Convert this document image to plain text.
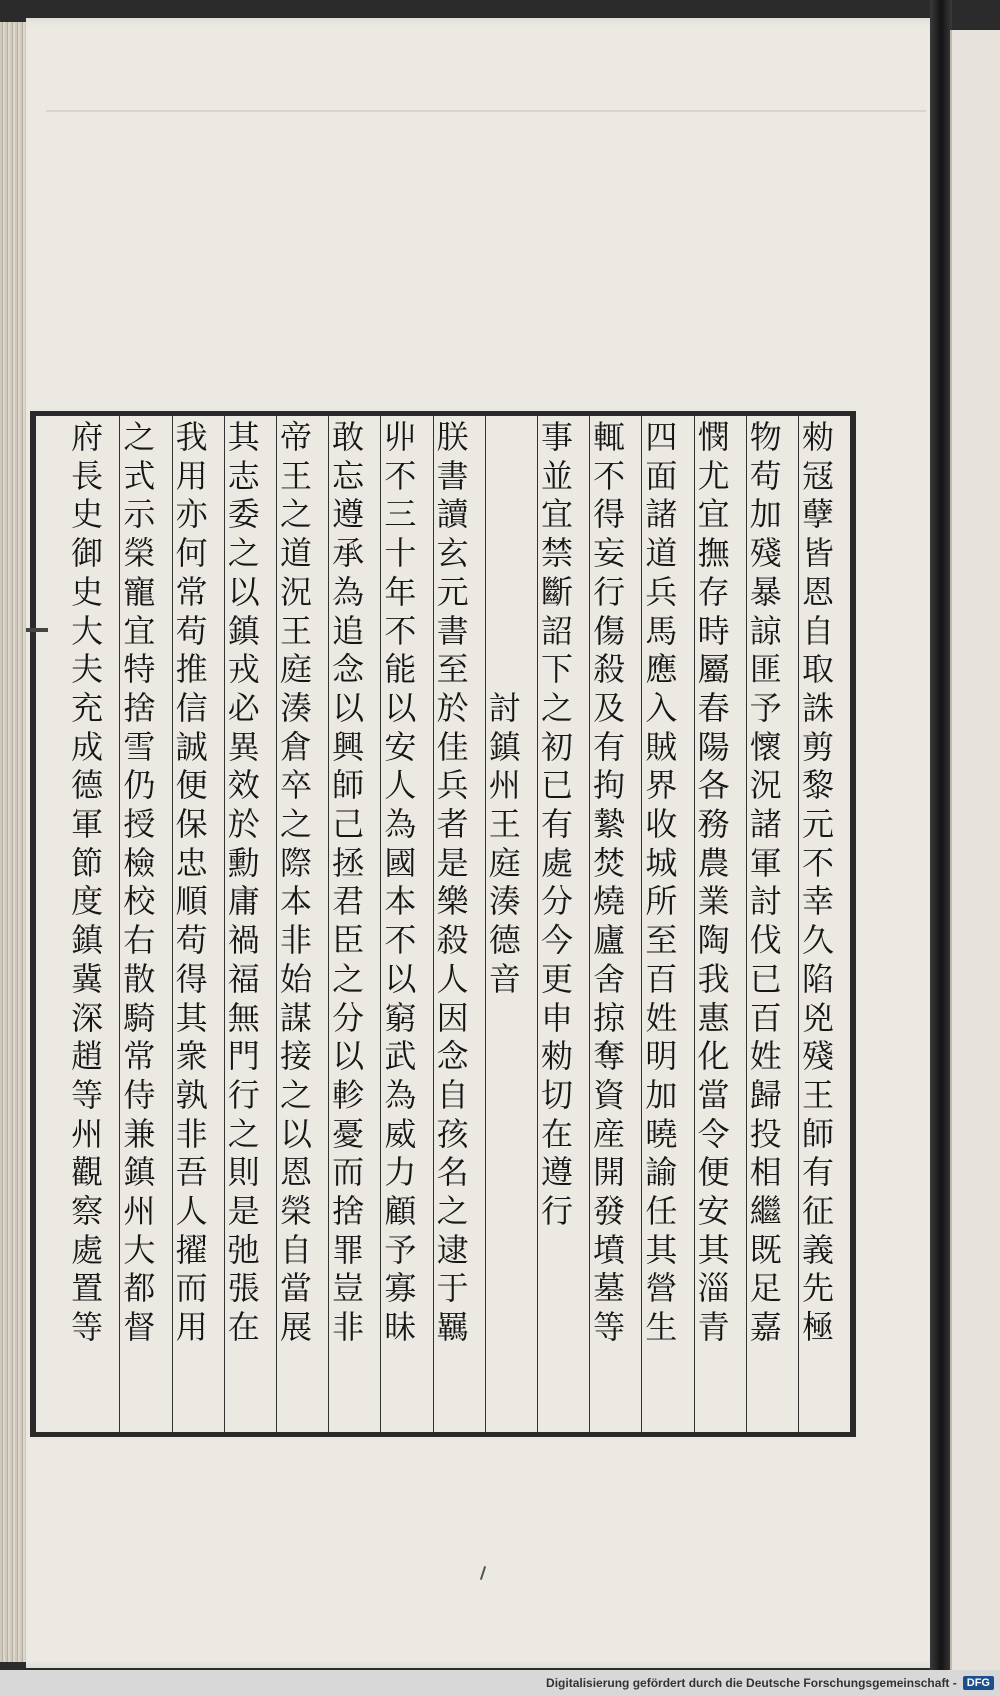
勑
冦
孽
皆
恩
自
取
誅
剪
黎
元
不
幸
久
陷
兇
殘
王
師
有
征
義
先
極
物
苟
加
殘
暴
諒
匪
予
懷
況
諸
軍
討
伐
已
百
姓
歸
投
相
繼
既
足
嘉
憫
尤
宜
撫
存
時
屬
春
陽
各
務
農
業
陶
我
惠
化
當
令
便
安
其
淄
青
四
面
諸
道
兵
馬
應
入
賊
界
收
城
所
至
百
姓
明
加
曉
諭
任
其
營
生
輒
不
得
妄
行
傷
殺
及
有
拘
縶
焚
燒
廬
舍
掠
奪
資
産
開
發
墳
墓
等
事
並
宜
禁
斷
詔
下
之
初
已
有
處
分
今
更
申
勑
切
在
遵
行
討
鎮
州
王
庭
湊
德
音
朕
書
讀
玄
元
書
至
於
佳
兵
者
是
樂
殺
人
因
念
自
孩
名
之
逮
于
羈
丱
不
三
十
年
不
能
以
安
人
為
國
本
不
以
窮
武
為
威
力
顧
予
寡
昧
敢
忘
遵
承
為
追
念
以
興
師
己
拯
君
臣
之
分
以
軫
憂
而
捨
罪
豈
非
帝
王
之
道
況
王
庭
湊
倉
卒
之
際
本
非
始
謀
接
之
以
恩
榮
自
當
展
其
志
委
之
以
鎮
戎
必
異
效
於
勳
庸
禍
福
無
門
行
之
則
是
弛
張
在
我
用
亦
何
常
苟
推
信
誠
便
保
忠
順
苟
得
其
衆
孰
非
吾
人
擢
而
用
之
式
示
榮
寵
宜
特
捨
雪
仍
授
檢
校
右
散
騎
常
侍
兼
鎮
州
大
都
督
府
長
史
御
史
大
夫
充
成
德
軍
節
度
鎮
冀
深
趙
等
州
觀
察
處
置
等
Digitalisierung gefördert durch die Deutsche Forschungsgemeinschaft - DFG
